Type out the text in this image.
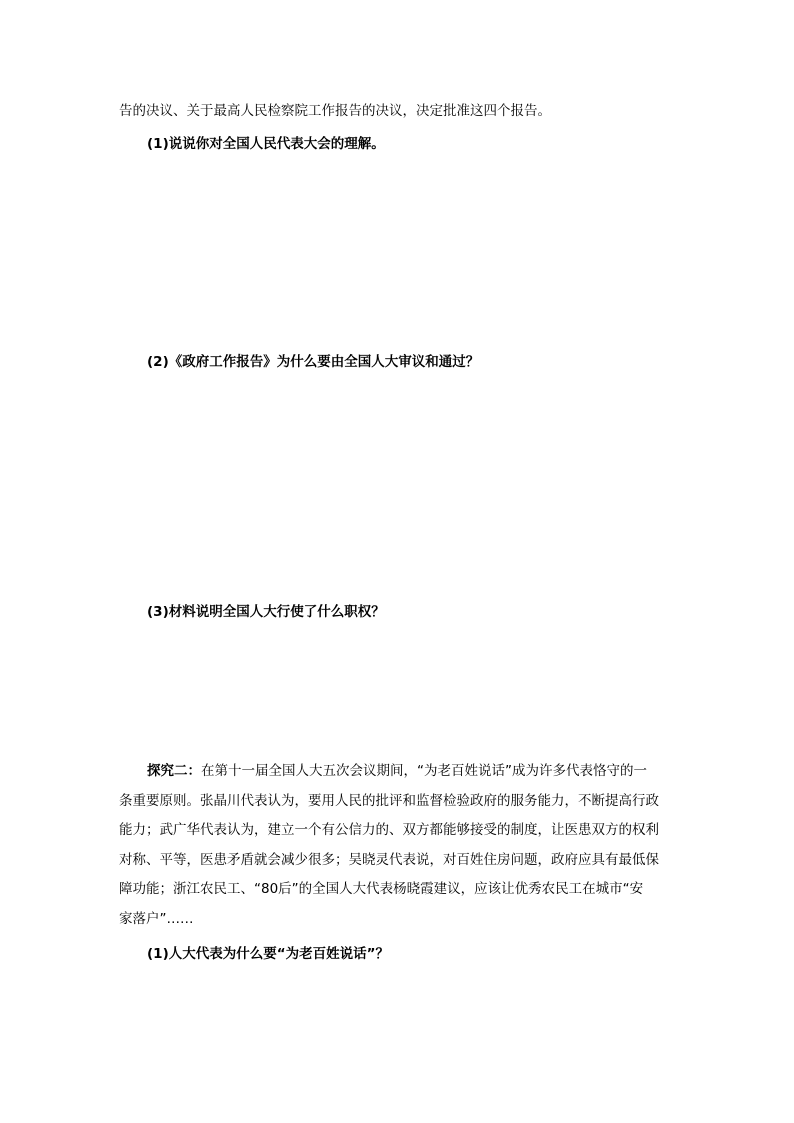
告的决议、关于最高人民检察院工作报告的决议，决定批准这四个报告。
(1)说说你对全国人民代表大会的理解。
(2)《政府工作报告》为什么要由全国人大审议和通过？
(3)材料说明全国人大行使了什么职权？
探究二：在第十一届全国人大五次会议期间，“为老百姓说话”成为许多代表恪守的一
条重要原则。张晶川代表认为，要用人民的批评和监督检验政府的服务能力，不断提高行政
能力；武广华代表认为，建立一个有公信力的、双方都能够接受的制度，让医患双方的权利
对称、平等，医患矛盾就会减少很多；吴晓灵代表说，对百姓住房问题，政府应具有最低保
障功能；浙江农民工、“80后”的全国人大代表杨晓霞建议，应该让优秀农民工在城市“安
家落户”……
(1)人大代表为什么要“为老百姓说话”？
